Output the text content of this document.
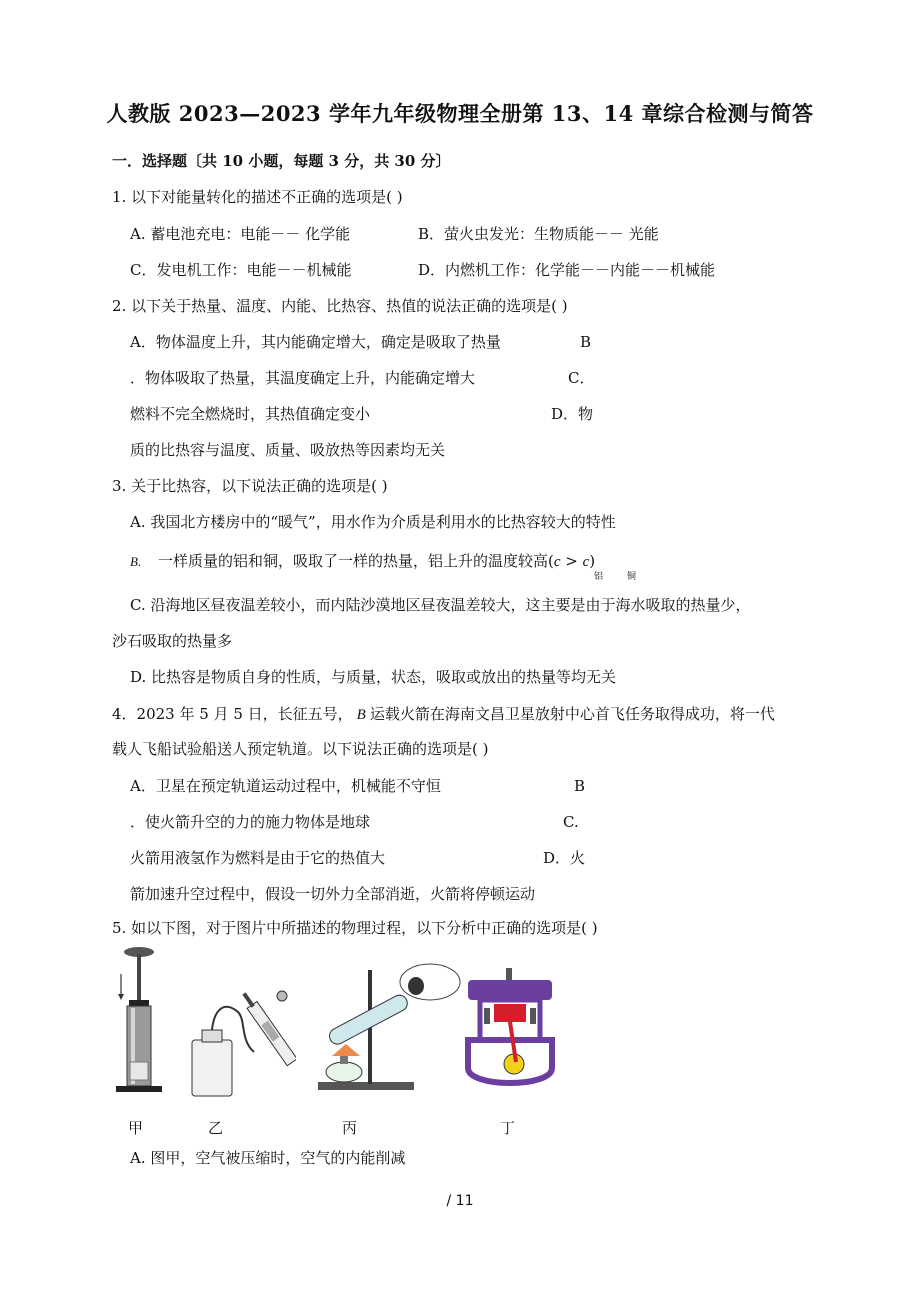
人教版 2023—2023 学年九年级物理全册第 13、14 章综合检测与简答
一．选择题〔共 10 小题，每题 3 分，共 30 分〕
1. 以下对能量转化的描述不正确的选项是( )
A. 蓄电池充电：电能－－ 化学能	B．萤火虫发光：生物质能－－ 光能
C．发电机工作：电能－－机械能	D．内燃机工作：化学能－－内能－－机械能
2. 以下关于热量、温度、内能、比热容、热值的说法正确的选项是( )
A．物体温度上升，其内能确定增大，确定是吸取了热量	B
．物体吸取了热量，其温度确定上升，内能确定增大	C．
燃料不完全燃烧时，其热值确定变小	D．物
质的比热容与温度、质量、吸放热等因素均无关
3. 关于比热容，以下说法正确的选项是( )
A. 我国北方楼房中的“暖气”，用水作为介质是利用水的比热容较大的特性
B. 一样质量的铝和铜，吸取了一样的热量，铝上升的温度较高(c > c)
铝	铜
C. 沿海地区昼夜温差较小，而内陆沙漠地区昼夜温差较大，这主要是由于海水吸取的热量少，
沙石吸取的热量多
D. 比热容是物质自身的性质，与质量，状态，吸取或放出的热量等均无关
4．2023 年 5 月 5 日，长征五号， B 运载火箭在海南文昌卫星放射中心首飞任务取得成功，将一代
载人飞船试验船送人预定轨道。以下说法正确的选项是( )
A．卫星在预定轨道运动过程中，机械能不守恒	B
．使火箭升空的力的施力物体是地球	C.
火箭用液氢作为燃料是由于它的热值大	D．火
箭加速升空过程中，假设一切外力全部消逝，火箭将停顿运动
5. 如以下图，对于图片中所描述的物理过程，以下分析中正确的选项是( )
甲	乙	丙	丁
A. 图甲，空气被压缩时，空气的内能削减
/ 11
